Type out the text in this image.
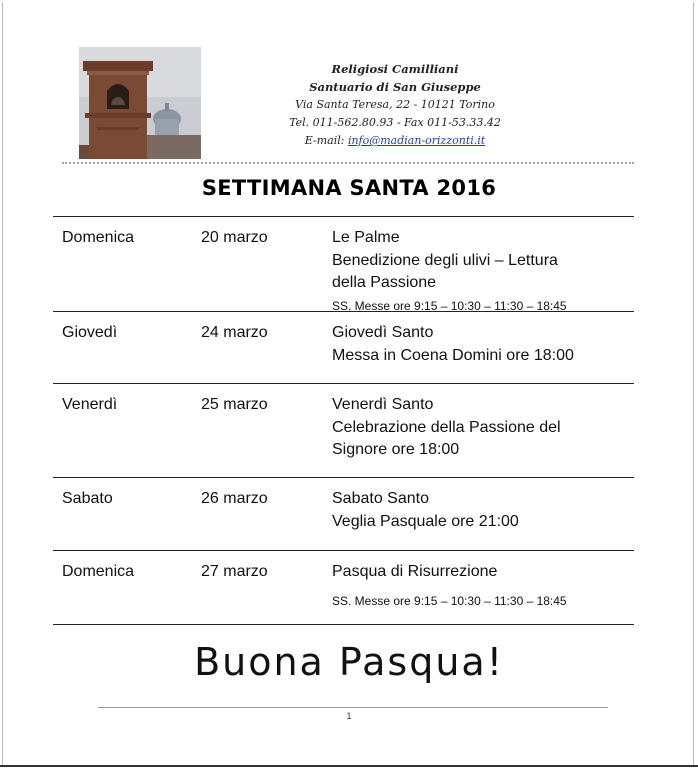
Religiosi Camilliani
Santuario di San Giuseppe
Via Santa Teresa, 22 - 10121 Torino
Tel. 011-562.80.93 - Fax 011-53.33.42
E-mail: info@madian-orizzonti.it
SETTIMANA SANTA 2016
Domenica	20 marzo	Le Palme
Benedizione degli ulivi – Lettura
della Passione
SS. Messe ore 9:15 – 10:30 – 11:30 – 18:45
Giovedì	24 marzo	Giovedì Santo
Messa in Coena Domini ore 18:00
Venerdì	25 marzo	Venerdì Santo
Celebrazione della Passione del
Signore ore 18:00
Sabato	26 marzo	Sabato Santo
Veglia Pasquale ore 21:00
Domenica	27 marzo	Pasqua di Risurrezione
SS. Messe ore 9:15 – 10:30 – 11:30 – 18:45
Buona Pasqua!
1
